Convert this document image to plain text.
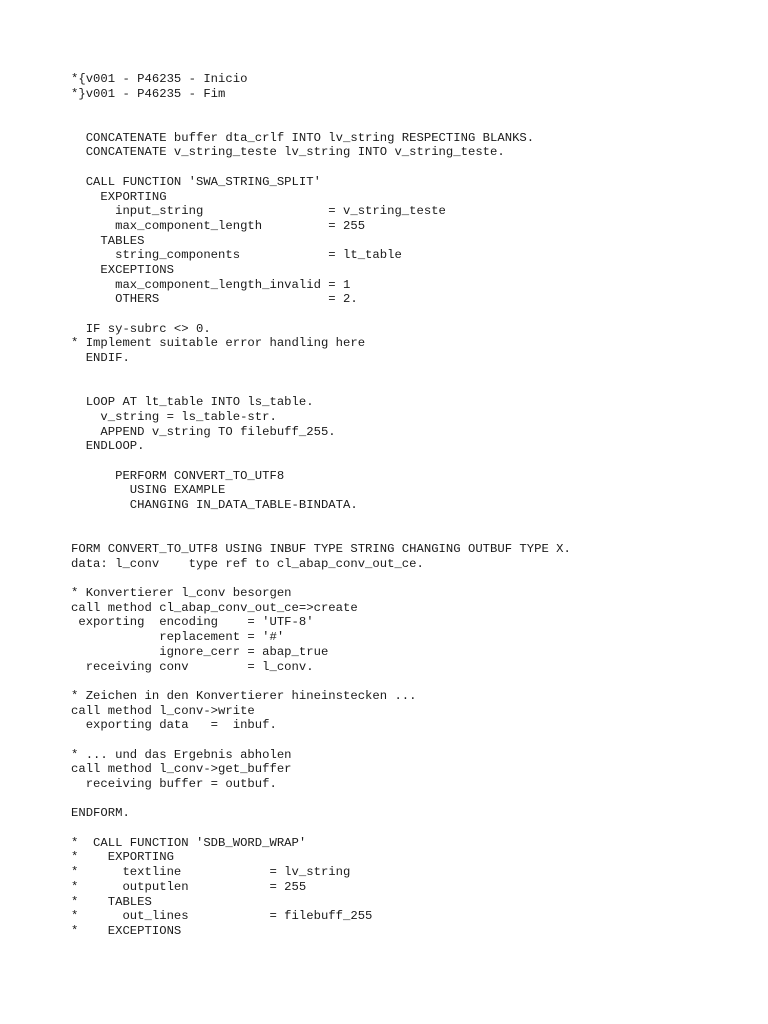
*{v001 - P46235 - Inicio
*}v001 - P46235 - Fim

CONCATENATE buffer dta_crlf INTO lv_string RESPECTING BLANKS.
CONCATENATE v_string_teste lv_string INTO v_string_teste.

CALL FUNCTION 'SWA_STRING_SPLIT'
EXPORTING
input_string                 = v_string_teste
max_component_length         = 255
TABLES
string_components            = lt_table
EXCEPTIONS
max_component_length_invalid = 1
OTHERS                       = 2.

IF sy-subrc <> 0.
* Implement suitable error handling here
ENDIF.

LOOP AT lt_table INTO ls_table.
v_string = ls_table-str.
APPEND v_string TO filebuff_255.
ENDLOOP.

PERFORM CONVERT_TO_UTF8
USING EXAMPLE
CHANGING IN_DATA_TABLE-BINDATA.

FORM CONVERT_TO_UTF8 USING INBUF TYPE STRING CHANGING OUTBUF TYPE X.
data: l_conv    type ref to cl_abap_conv_out_ce.

* Konvertierer l_conv besorgen
call method cl_abap_conv_out_ce=>create
exporting  encoding    = 'UTF-8'
replacement = '#'
ignore_cerr = abap_true
receiving conv        = l_conv.

* Zeichen in den Konvertierer hineinstecken ...
call method l_conv->write
exporting data   =  inbuf.

* ... und das Ergebnis abholen
call method l_conv->get_buffer
receiving buffer = outbuf.

ENDFORM.

*  CALL FUNCTION 'SDB_WORD_WRAP'
*    EXPORTING
*      textline            = lv_string
*      outputlen           = 255
*    TABLES
*      out_lines           = filebuff_255
*    EXCEPTIONS
